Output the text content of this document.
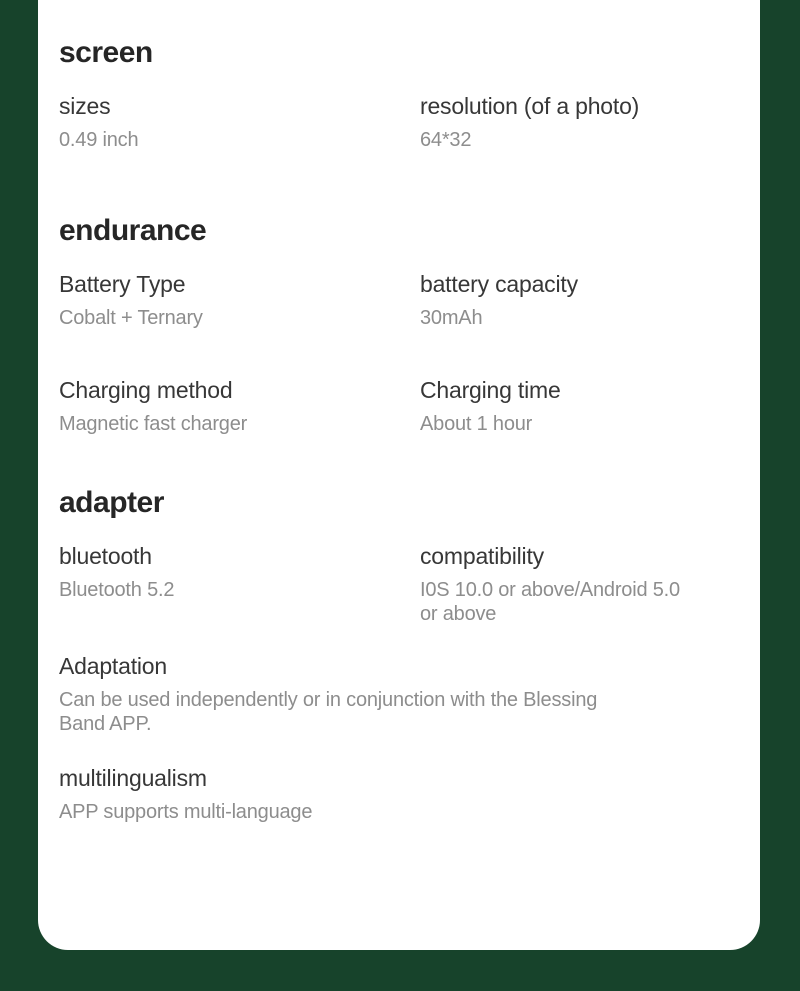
screen
sizes
0.49 inch
resolution (of a photo)
64*32
endurance
Battery Type
Cobalt + Ternary
battery capacity
30mAh
Charging method
Magnetic fast charger
Charging time
About 1 hour
adapter
bluetooth
Bluetooth 5.2
compatibility
I0S 10.0 or above/Android 5.0 or above
Adaptation
Can be used independently or in conjunction with the Blessing Band APP.
multilingualism
APP supports multi-language
